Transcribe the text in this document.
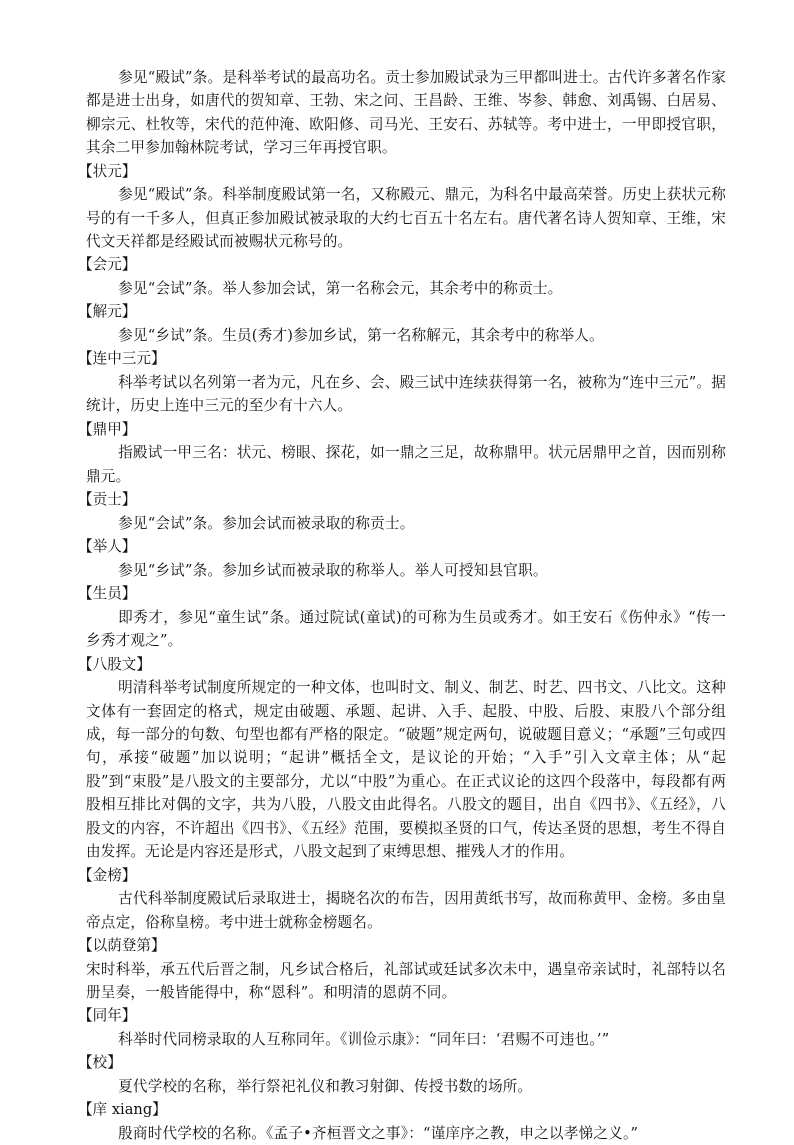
参见“殿试”条。是科举考试的最高功名。贡士参加殿试录为三甲都叫进士。古代许多著名作家都是进士出身，如唐代的贺知章、王勃、宋之问、王昌龄、王维、岑参、韩愈、刘禹锡、白居易、柳宗元、杜牧等，宋代的范仲淹、欧阳修、司马光、王安石、苏轼等。考中进士，一甲即授官职，其余二甲参加翰林院考试，学习三年再授官职。

【状元】

参见“殿试”条。科举制度殿试第一名，又称殿元、鼎元，为科名中最高荣誉。历史上获状元称号的有一千多人，但真正参加殿试被录取的大约七百五十名左右。唐代著名诗人贺知章、王维，宋代文天祥都是经殿试而被赐状元称号的。

【会元】

参见“会试”条。举人参加会试，第一名称会元，其余考中的称贡士。

【解元】

参见“乡试”条。生员(秀才)参加乡试，第一名称解元，其余考中的称举人。

【连中三元】

科举考试以名列第一者为元，凡在乡、会、殿三试中连续获得第一名，被称为“连中三元”。据统计，历史上连中三元的至少有十六人。

【鼎甲】

指殿试一甲三名：状元、榜眼、探花，如一鼎之三足，故称鼎甲。状元居鼎甲之首，因而别称鼎元。

【贡士】

参见“会试”条。参加会试而被录取的称贡士。

【举人】

参见“乡试”条。参加乡试而被录取的称举人。举人可授知县官职。

【生员】

即秀才，参见“童生试”条。通过院试(童试)的可称为生员或秀才。如王安石《伤仲永》“传一乡秀才观之”。

【八股文】

明清科举考试制度所规定的一种文体，也叫时文、制义、制艺、时艺、四书文、八比文。这种文体有一套固定的格式，规定由破题、承题、起讲、入手、起股、中股、后股、束股八个部分组成，每一部分的句数、句型也都有严格的限定。“破题”规定两句，说破题目意义；“承题”三句或四句，承接“破题”加以说明；“起讲”概括全文，是议论的开始；“入手”引入文章主体；从“起股”到“束股”是八股文的主要部分，尤以“中股”为重心。在正式议论的这四个段落中，每段都有两股相互排比对偶的文字，共为八股，八股文由此得名。八股文的题目，出自《四书》、《五经》，八股文的内容，不许超出《四书》、《五经》范围，要模拟圣贤的口气，传达圣贤的思想，考生不得自由发挥。无论是内容还是形式，八股文起到了束缚思想、摧残人才的作用。

【金榜】

古代科举制度殿试后录取进士，揭晓名次的布告，因用黄纸书写，故而称黄甲、金榜。多由皇帝点定，俗称皇榜。考中进士就称金榜题名。

【以荫登第】

宋时科举，承五代后晋之制，凡乡试合格后，礼部试或廷试多次未中，遇皇帝亲试时，礼部特以名册呈奏，一般皆能得中，称“恩科”。和明清的恩荫不同。

【同年】

科举时代同榜录取的人互称同年。《训俭示康》：“同年曰：‘君赐不可违也。’”

【校】

夏代学校的名称，举行祭祀礼仪和教习射御、传授书数的场所。

【庠 xiang】

殷商时代学校的名称。《孟子•齐桓晋文之事》：“谨庠序之教，申之以孝悌之义。”
